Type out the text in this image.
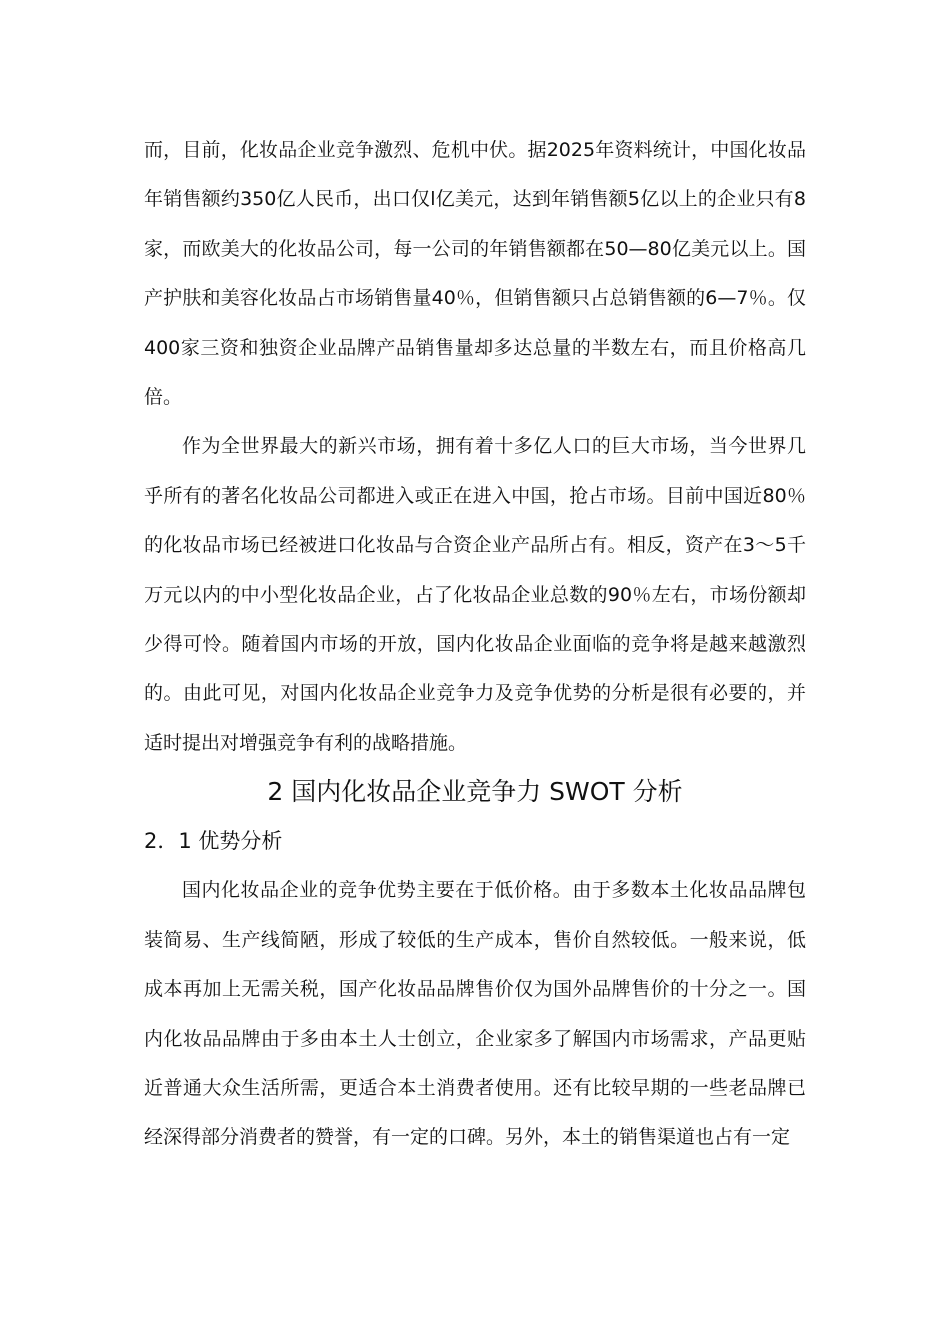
而，目前，化妆品企业竞争激烈、危机中伏。据2025年资料统计，中国化妆品年销售额约350亿人民币，出口仅l亿美元，达到年销售额5亿以上的企业只有8家，而欧美大的化妆品公司，每一公司的年销售额都在50—80亿美元以上。国产护肤和美容化妆品占市场销售量40％，但销售额只占总销售额的6—7％。仅400家三资和独资企业品牌产品销售量却多达总量的半数左右，而且价格高几倍。

作为全世界最大的新兴市场，拥有着十多亿人口的巨大市场，当今世界几乎所有的著名化妆品公司都进入或正在进入中国，抢占市场。目前中国近80％的化妆品市场已经被进口化妆品与合资企业产品所占有。相反，资产在3～5千万元以内的中小型化妆品企业，占了化妆品企业总数的90％左右，市场份额却少得可怜。随着国内市场的开放，国内化妆品企业面临的竞争将是越来越激烈的。由此可见，对国内化妆品企业竞争力及竞争优势的分析是很有必要的，并适时提出对增强竞争有利的战略措施。

2 国内化妆品企业竞争力 SWOT 分析
2．1 优势分析

国内化妆品企业的竞争优势主要在于低价格。由于多数本土化妆品品牌包装简易、生产线简陋，形成了较低的生产成本，售价自然较低。一般来说，低成本再加上无需关税，国产化妆品品牌售价仅为国外品牌售价的十分之一。国内化妆品品牌由于多由本土人士创立，企业家多了解国内市场需求，产品更贴近普通大众生活所需，更适合本土消费者使用。还有比较早期的一些老品牌已经深得部分消费者的赞誉，有一定的口碑。另外，本土的销售渠道也占有一定
